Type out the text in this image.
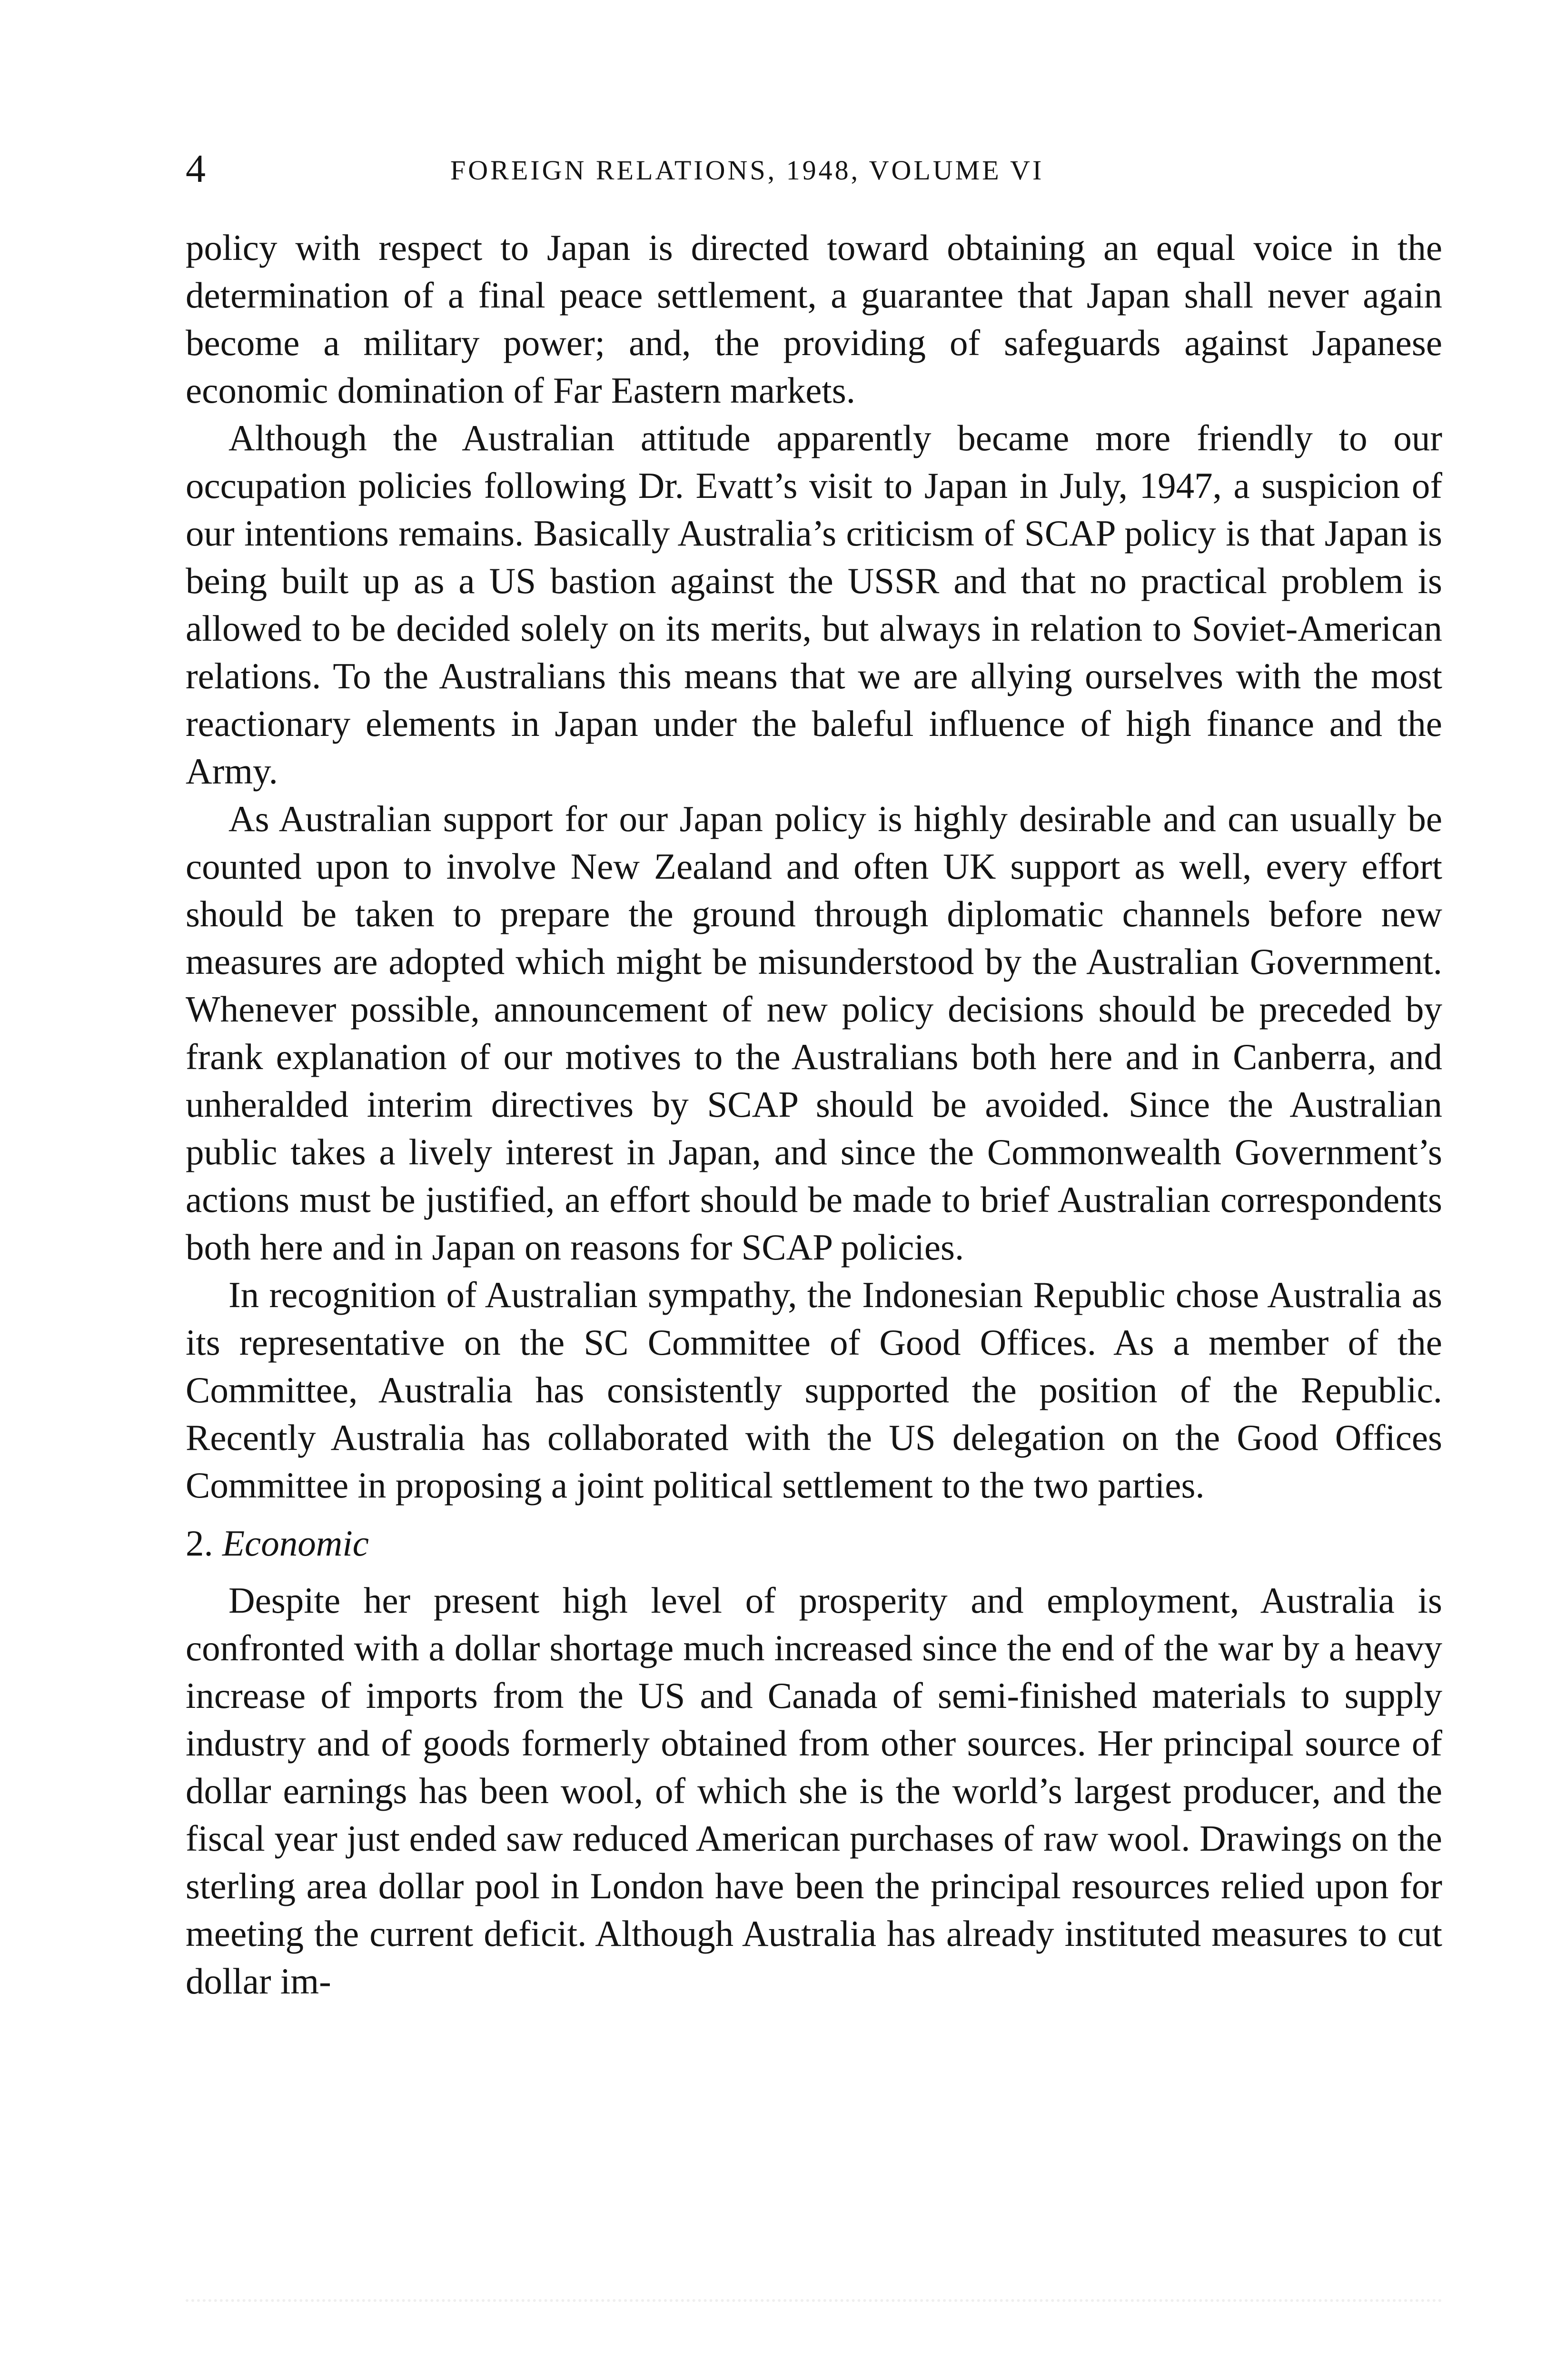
4	FOREIGN RELATIONS, 1948, VOLUME VI

policy with respect to Japan is directed toward obtaining an equal voice in the determination of a final peace settlement, a guarantee that Japan shall never again become a military power; and, the providing of safeguards against Japanese economic domination of Far Eastern markets.

Although the Australian attitude apparently became more friendly to our occupation policies following Dr. Evatt’s visit to Japan in July, 1947, a suspicion of our intentions remains. Basically Australia’s criticism of SCAP policy is that Japan is being built up as a US bastion against the USSR and that no practical problem is allowed to be decided solely on its merits, but always in relation to Soviet-American relations. To the Australians this means that we are allying ourselves with the most reactionary elements in Japan under the baleful influence of high finance and the Army.

As Australian support for our Japan policy is highly desirable and can usually be counted upon to involve New Zealand and often UK support as well, every effort should be taken to prepare the ground through diplomatic channels before new measures are adopted which might be misunderstood by the Australian Government. Whenever possible, announcement of new policy decisions should be preceded by frank explanation of our motives to the Australians both here and in Canberra, and unheralded interim directives by SCAP should be avoided. Since the Australian public takes a lively interest in Japan, and since the Commonwealth Government’s actions must be justified, an effort should be made to brief Australian correspondents both here and in Japan on reasons for SCAP policies.

In recognition of Australian sympathy, the Indonesian Republic chose Australia as its representative on the SC Committee of Good Offices. As a member of the Committee, Australia has consistently supported the position of the Republic. Recently Australia has collaborated with the US delegation on the Good Offices Committee in proposing a joint political settlement to the two parties.

2. Economic

Despite her present high level of prosperity and employment, Australia is confronted with a dollar shortage much increased since the end of the war by a heavy increase of imports from the US and Canada of semi-finished materials to supply industry and of goods formerly obtained from other sources. Her principal source of dollar earnings has been wool, of which she is the world’s largest producer, and the fiscal year just ended saw reduced American purchases of raw wool. Drawings on the sterling area dollar pool in London have been the principal resources relied upon for meeting the current deficit. Although Australia has already instituted measures to cut dollar im-
